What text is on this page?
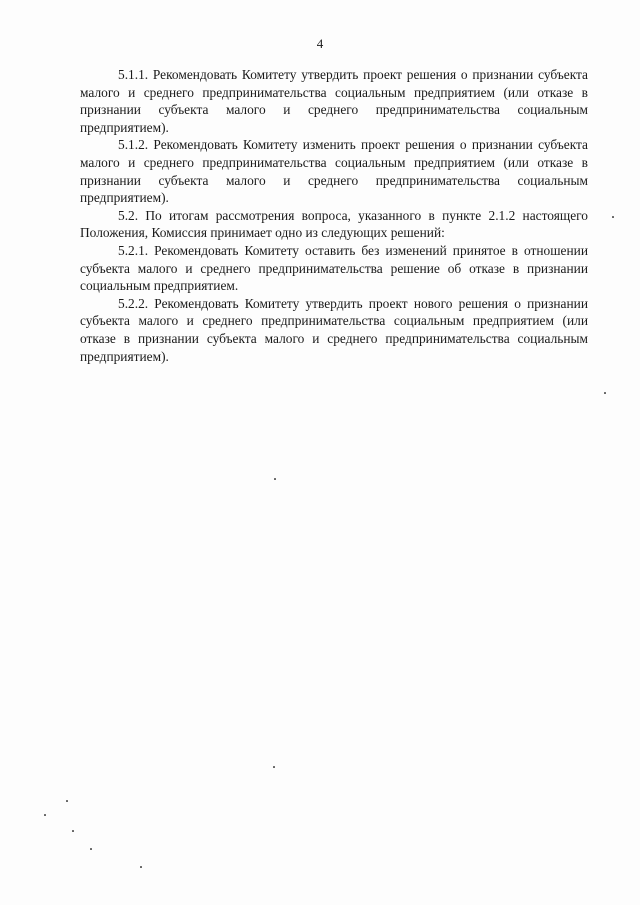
4

5.1.1. Рекомендовать Комитету утвердить проект решения о признании субъекта малого и среднего предпринимательства социальным предприятием (или отказе в признании субъекта малого и среднего предпринимательства социальным предприятием).

5.1.2. Рекомендовать Комитету изменить проект решения о признании субъекта малого и среднего предпринимательства социальным предприятием (или отказе в признании субъекта малого и среднего предпринимательства социальным предприятием).

5.2. По итогам рассмотрения вопроса, указанного в пункте 2.1.2 настоящего Положения, Комиссия принимает одно из следующих решений:

5.2.1. Рекомендовать Комитету оставить без изменений принятое в отношении субъекта малого и среднего предпринимательства решение об отказе в признании социальным предприятием.

5.2.2. Рекомендовать Комитету утвердить проект нового решения о признании субъекта малого и среднего предпринимательства социальным предприятием (или отказе в признании субъекта малого и среднего предпринимательства социальным предприятием).
